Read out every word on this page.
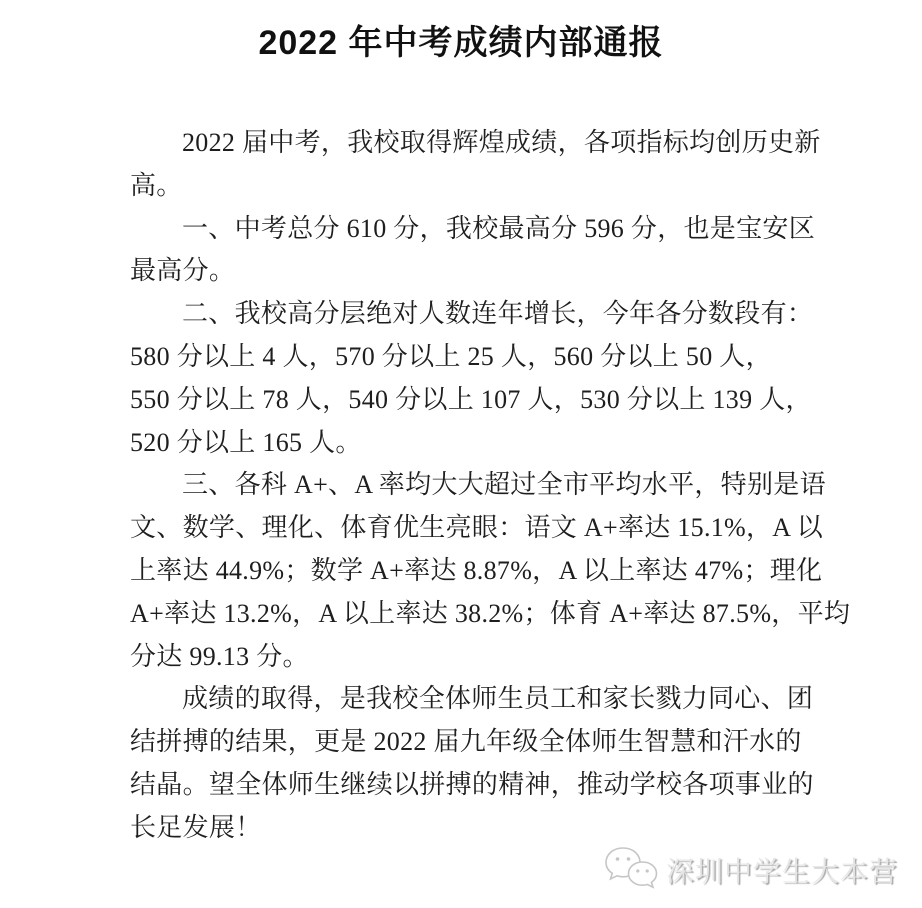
2022 年中考成绩内部通报
2022 届中考，我校取得辉煌成绩，各项指标均创历史新
高。
一、中考总分 610 分，我校最高分 596 分，也是宝安区
最高分。
二、我校高分层绝对人数连年增长，今年各分数段有：
580 分以上 4 人，570 分以上 25 人，560 分以上 50 人，
550 分以上 78 人，540 分以上 107 人，530 分以上 139 人，
520 分以上 165 人。
三、各科 A+、A 率均大大超过全市平均水平，特别是语
文、数学、理化、体育优生亮眼：语文 A+率达 15.1%，A 以
上率达 44.9%；数学 A+率达 8.87%，A 以上率达 47%；理化
A+率达 13.2%，A 以上率达 38.2%；体育 A+率达 87.5%，平均
分达 99.13 分。
成绩的取得，是我校全体师生员工和家长戮力同心、团
结拼搏的结果，更是 2022 届九年级全体师生智慧和汗水的
结晶。望全体师生继续以拼搏的精神，推动学校各项事业的
长足发展！
深圳中学生大本营
